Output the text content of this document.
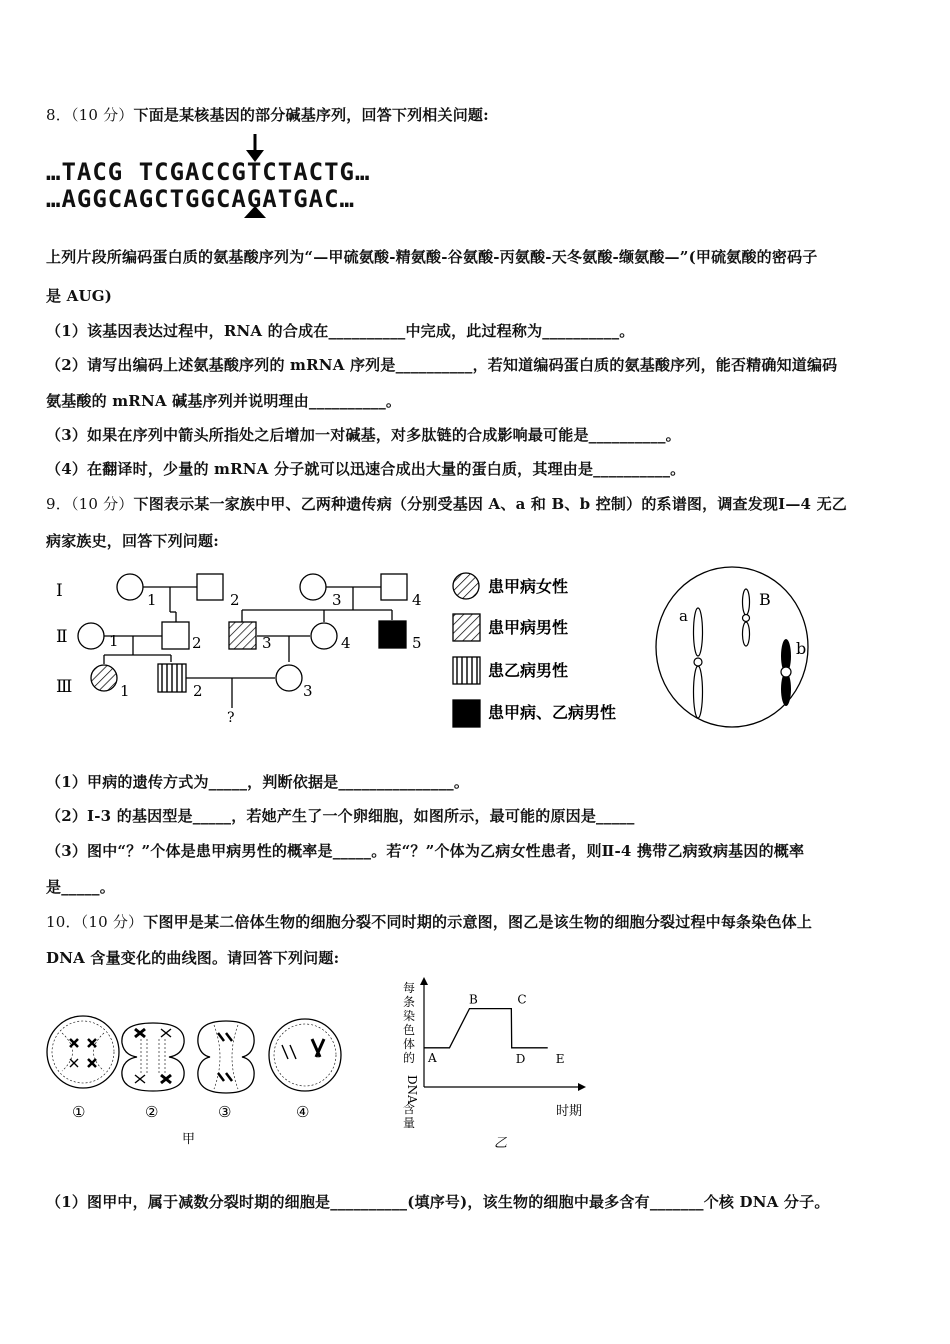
8．（10 分）下面是某核基因的部分碱基序列，回答下列相关问题:
…TACG TCGACCGTCTACTG…
…AGGCAGCTGGCAGATGAC…
上列片段所编码蛋白质的氨基酸序列为“—甲硫氨酸-精氨酸-谷氨酸-丙氨酸-天冬氨酸-缬氨酸—”(甲硫氨酸的密码子
是 AUG)
（1）该基因表达过程中，RNA 的合成在__________中完成，此过程称为__________。
（2）请写出编码上述氨基酸序列的 mRNA 序列是__________，若知道编码蛋白质的氨基酸序列，能否精确知道编码
氨基酸的 mRNA 碱基序列并说明理由__________。
（3）如果在序列中箭头所指处之后增加一对碱基，对多肽链的合成影响最可能是__________。
（4）在翻译时，少量的 mRNA 分子就可以迅速合成出大量的蛋白质，其理由是__________。
9．（10 分）下图表示某一家族中甲、乙两种遗传病（分别受基因 A、a 和 B、b 控制）的系谱图，调查发现Ⅰ—4 无乙
病家族史，回答下列问题:
Ⅰ
Ⅱ
Ⅲ
1	2	3	4
1	2	3	4	5
1	2	3
?
患甲病女性
患甲病男性
患乙病男性
患甲病、乙病男性
a
B
b
（1）甲病的遗传方式为_____，判断依据是_______________。
（2）Ⅰ-3 的基因型是_____，若她产生了一个卵细胞，如图所示，最可能的原因是_____
（3）图中“？”个体是患甲病男性的概率是_____。若“？”个体为乙病女性患者，则Ⅱ-4 携带乙病致病基因的概率
是_____。
10．（10 分）下图甲是某二倍体生物的细胞分裂不同时期的示意图，图乙是该生物的细胞分裂过程中每条染色体上
DNA 含量变化的曲线图。请回答下列问题:
①	②	③	④
甲
每
条
染
色
体
的
DNA
含
量
A
B	C
D	E
时期
乙
（1）图甲中，属于减数分裂时期的细胞是__________(填序号)，该生物的细胞中最多含有_______个核 DNA 分子。
